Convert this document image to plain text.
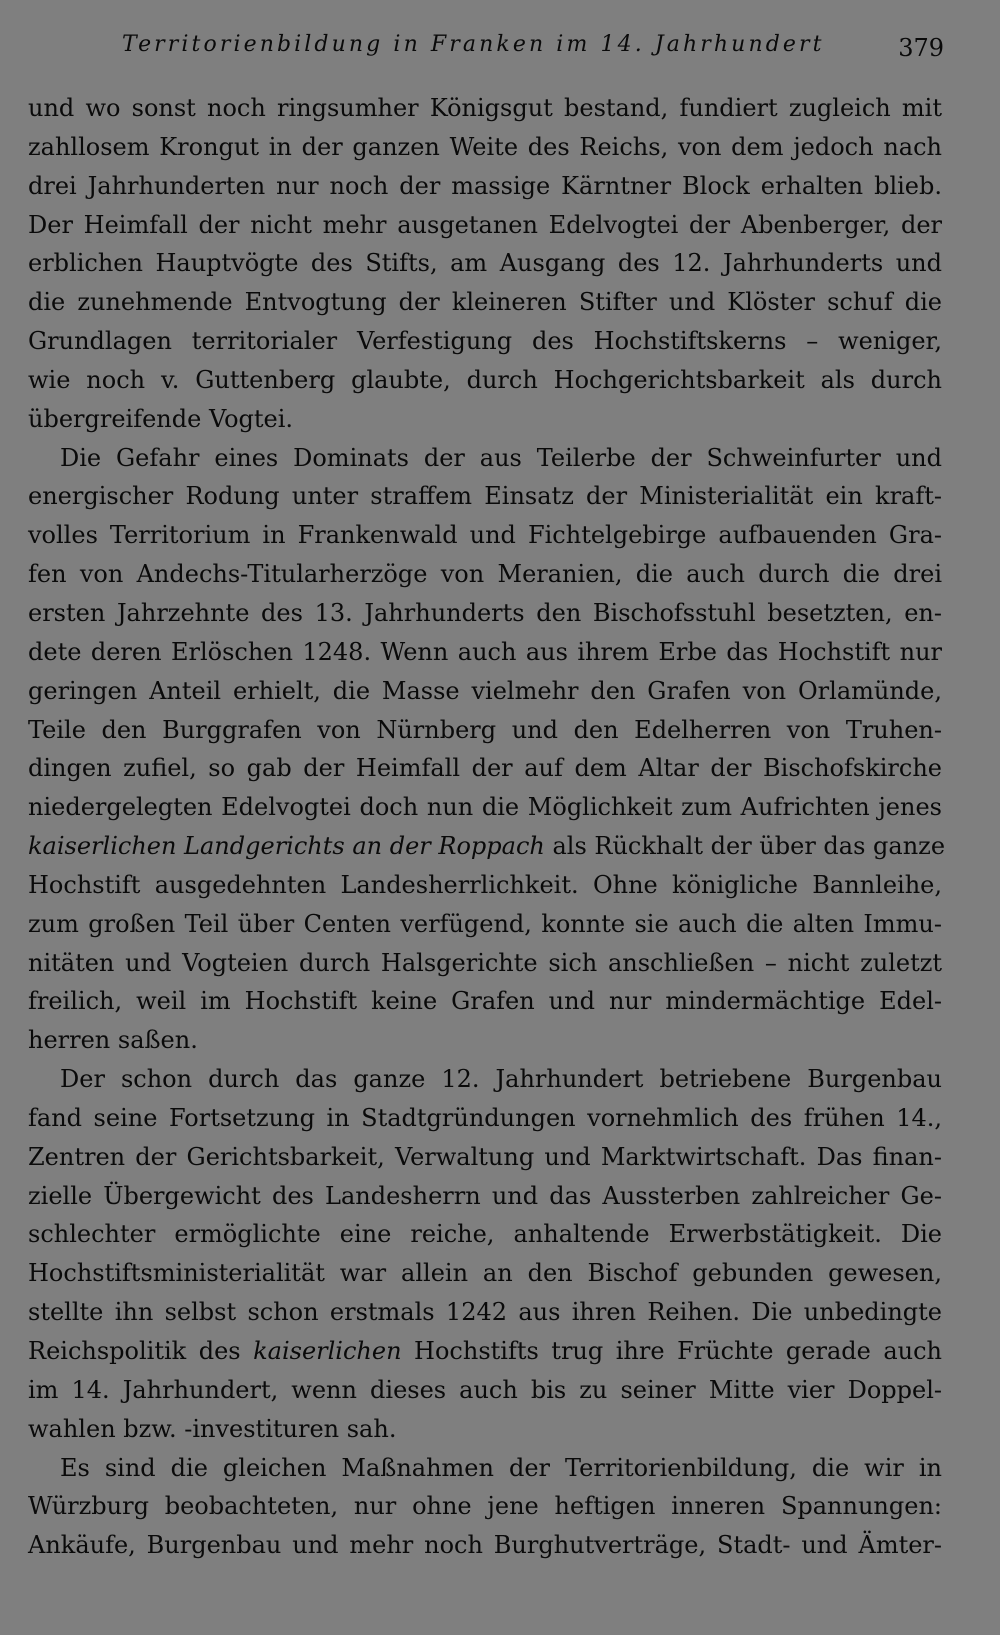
Territorienbildung in Franken im 14. Jahrhundert	379
und wo sonst noch ringsumher Königsgut bestand, fundiert zugleich mit
zahllosem Krongut in der ganzen Weite des Reichs, von dem jedoch nach
drei Jahrhunderten nur noch der massige Kärntner Block erhalten blieb.
Der Heimfall der nicht mehr ausgetanen Edelvogtei der Abenberger, der
erblichen Hauptvögte des Stifts, am Ausgang des 12. Jahrhunderts und
die zunehmende Entvogtung der kleineren Stifter und Klöster schuf die
Grundlagen territorialer Verfestigung des Hochstiftskerns – weniger,
wie noch v. Guttenberg glaubte, durch Hochgerichtsbarkeit als durch
übergreifende Vogtei.
Die Gefahr eines Dominats der aus Teilerbe der Schweinfurter und
energischer Rodung unter straffem Einsatz der Ministerialität ein kraft-
volles Territorium in Frankenwald und Fichtelgebirge aufbauenden Gra-
fen von Andechs-Titularherzöge von Meranien, die auch durch die drei
ersten Jahrzehnte des 13. Jahrhunderts den Bischofsstuhl besetzten, en-
dete deren Erlöschen 1248. Wenn auch aus ihrem Erbe das Hochstift nur
geringen Anteil erhielt, die Masse vielmehr den Grafen von Orlamünde,
Teile den Burggrafen von Nürnberg und den Edelherren von Truhen-
dingen zufiel, so gab der Heimfall der auf dem Altar der Bischofskirche
niedergelegten Edelvogtei doch nun die Möglichkeit zum Aufrichten jenes
kaiserlichen Landgerichts an der Roppach als Rückhalt der über das ganze
Hochstift ausgedehnten Landesherrlichkeit. Ohne königliche Bannleihe,
zum großen Teil über Centen verfügend, konnte sie auch die alten Immu-
nitäten und Vogteien durch Halsgerichte sich anschließen – nicht zuletzt
freilich, weil im Hochstift keine Grafen und nur mindermächtige Edel-
herren saßen.
Der schon durch das ganze 12. Jahrhundert betriebene Burgenbau
fand seine Fortsetzung in Stadtgründungen vornehmlich des frühen 14.,
Zentren der Gerichtsbarkeit, Verwaltung und Marktwirtschaft. Das finan-
zielle Übergewicht des Landesherrn und das Aussterben zahlreicher Ge-
schlechter ermöglichte eine reiche, anhaltende Erwerbstätigkeit. Die
Hochstiftsministerialität war allein an den Bischof gebunden gewesen,
stellte ihn selbst schon erstmals 1242 aus ihren Reihen. Die unbedingte
Reichspolitik des kaiserlichen Hochstifts trug ihre Früchte gerade auch
im 14. Jahrhundert, wenn dieses auch bis zu seiner Mitte vier Doppel-
wahlen bzw. -investituren sah.
Es sind die gleichen Maßnahmen der Territorienbildung, die wir in
Würzburg beobachteten, nur ohne jene heftigen inneren Spannungen:
Ankäufe, Burgenbau und mehr noch Burghutverträge, Stadt- und Ämter-
